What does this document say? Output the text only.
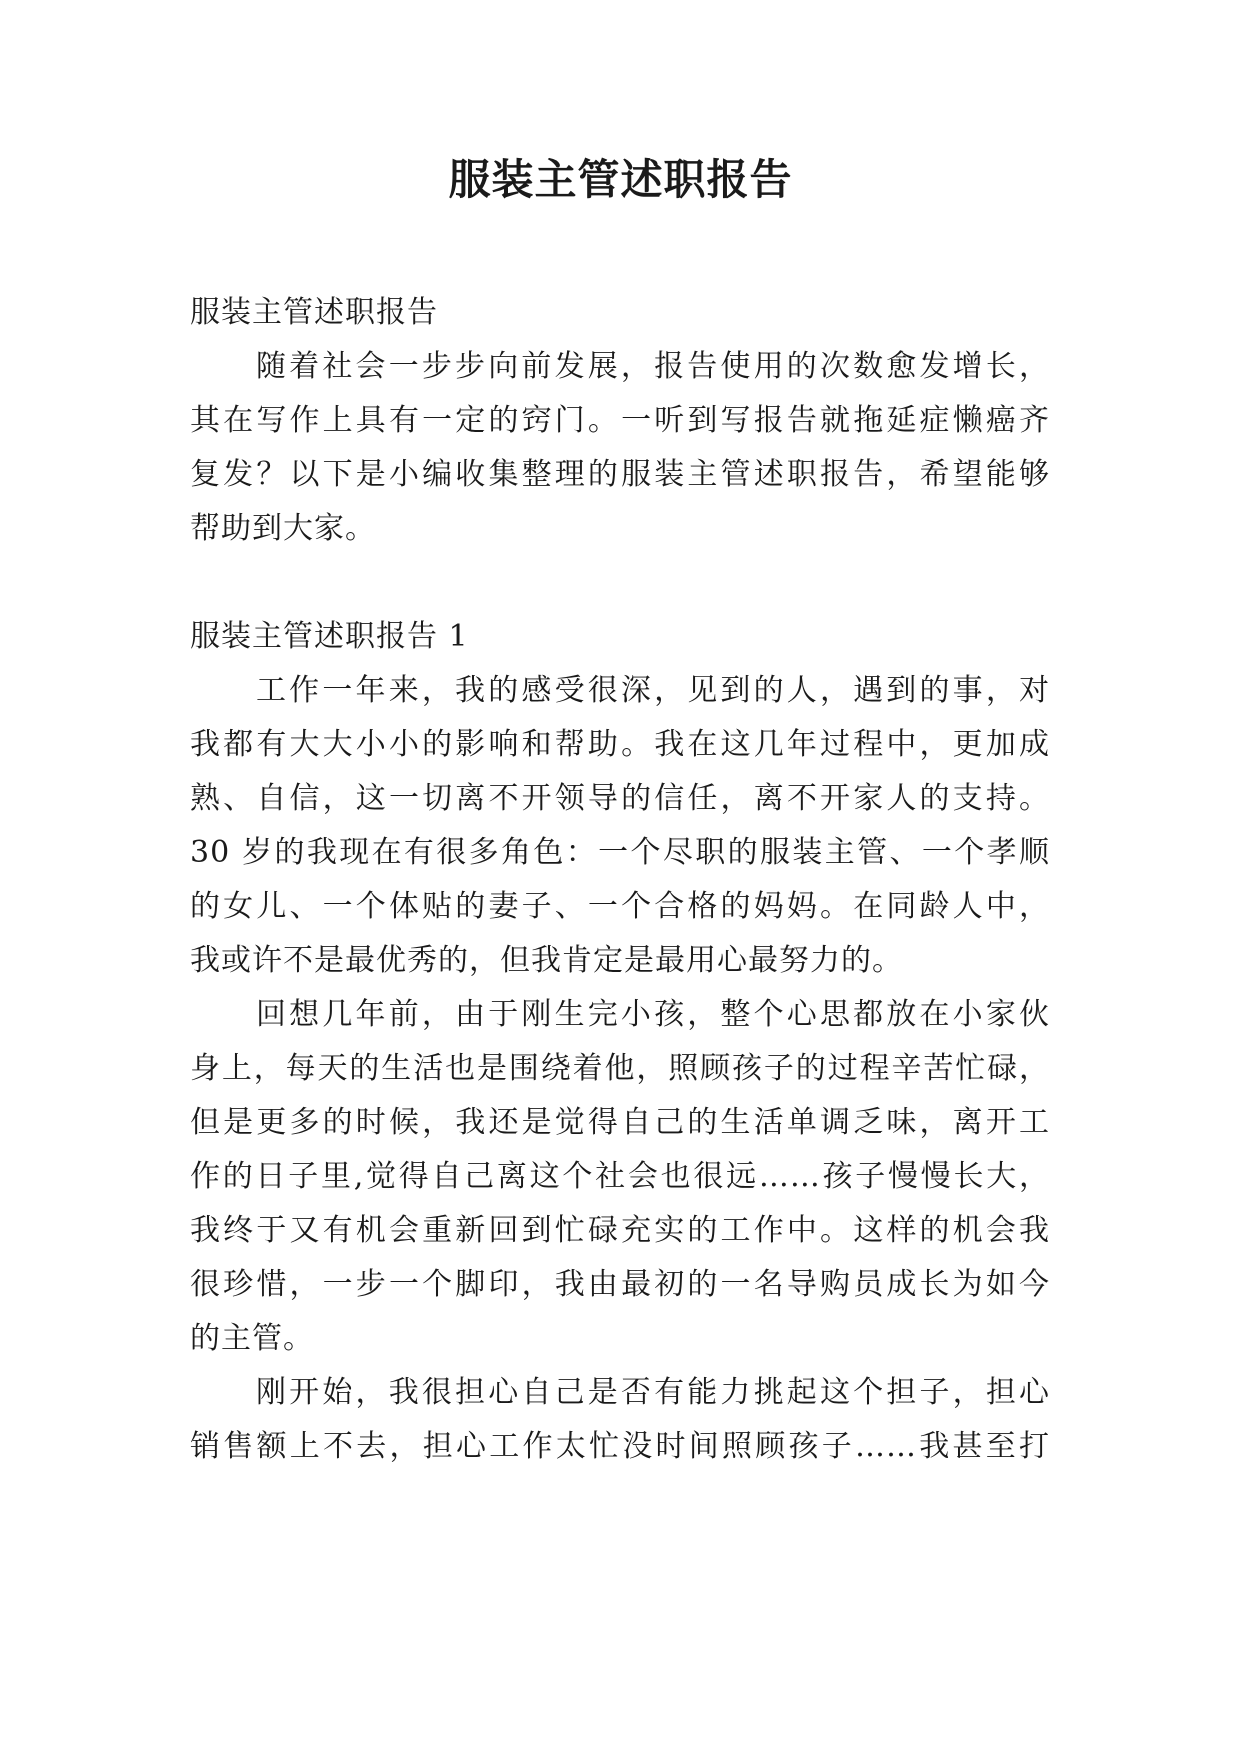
服装主管述职报告
服装主管述职报告
随着社会一步步向前发展，报告使用的次数愈发增长，
其在写作上具有一定的窍门。一听到写报告就拖延症懒癌齐
复发？以下是小编收集整理的服装主管述职报告，希望能够
帮助到大家。
服装主管述职报告 1
工作一年来，我的感受很深，见到的人，遇到的事，对
我都有大大小小的影响和帮助。我在这几年过程中，更加成
熟、自信，这一切离不开领导的信任，离不开家人的支持。
30 岁的我现在有很多角色：一个尽职的服装主管、一个孝顺
的女儿、一个体贴的妻子、一个合格的妈妈。在同龄人中，
我或许不是最优秀的，但我肯定是最用心最努力的。
回想几年前，由于刚生完小孩，整个心思都放在小家伙
身上，每天的生活也是围绕着他，照顾孩子的过程辛苦忙碌，
但是更多的时候，我还是觉得自己的生活单调乏味，离开工
作的日子里,觉得自己离这个社会也很远……孩子慢慢长大，
我终于又有机会重新回到忙碌充实的工作中。这样的机会我
很珍惜，一步一个脚印，我由最初的一名导购员成长为如今
的主管。
刚开始，我很担心自己是否有能力挑起这个担子，担心
销售额上不去，担心工作太忙没时间照顾孩子……我甚至打
